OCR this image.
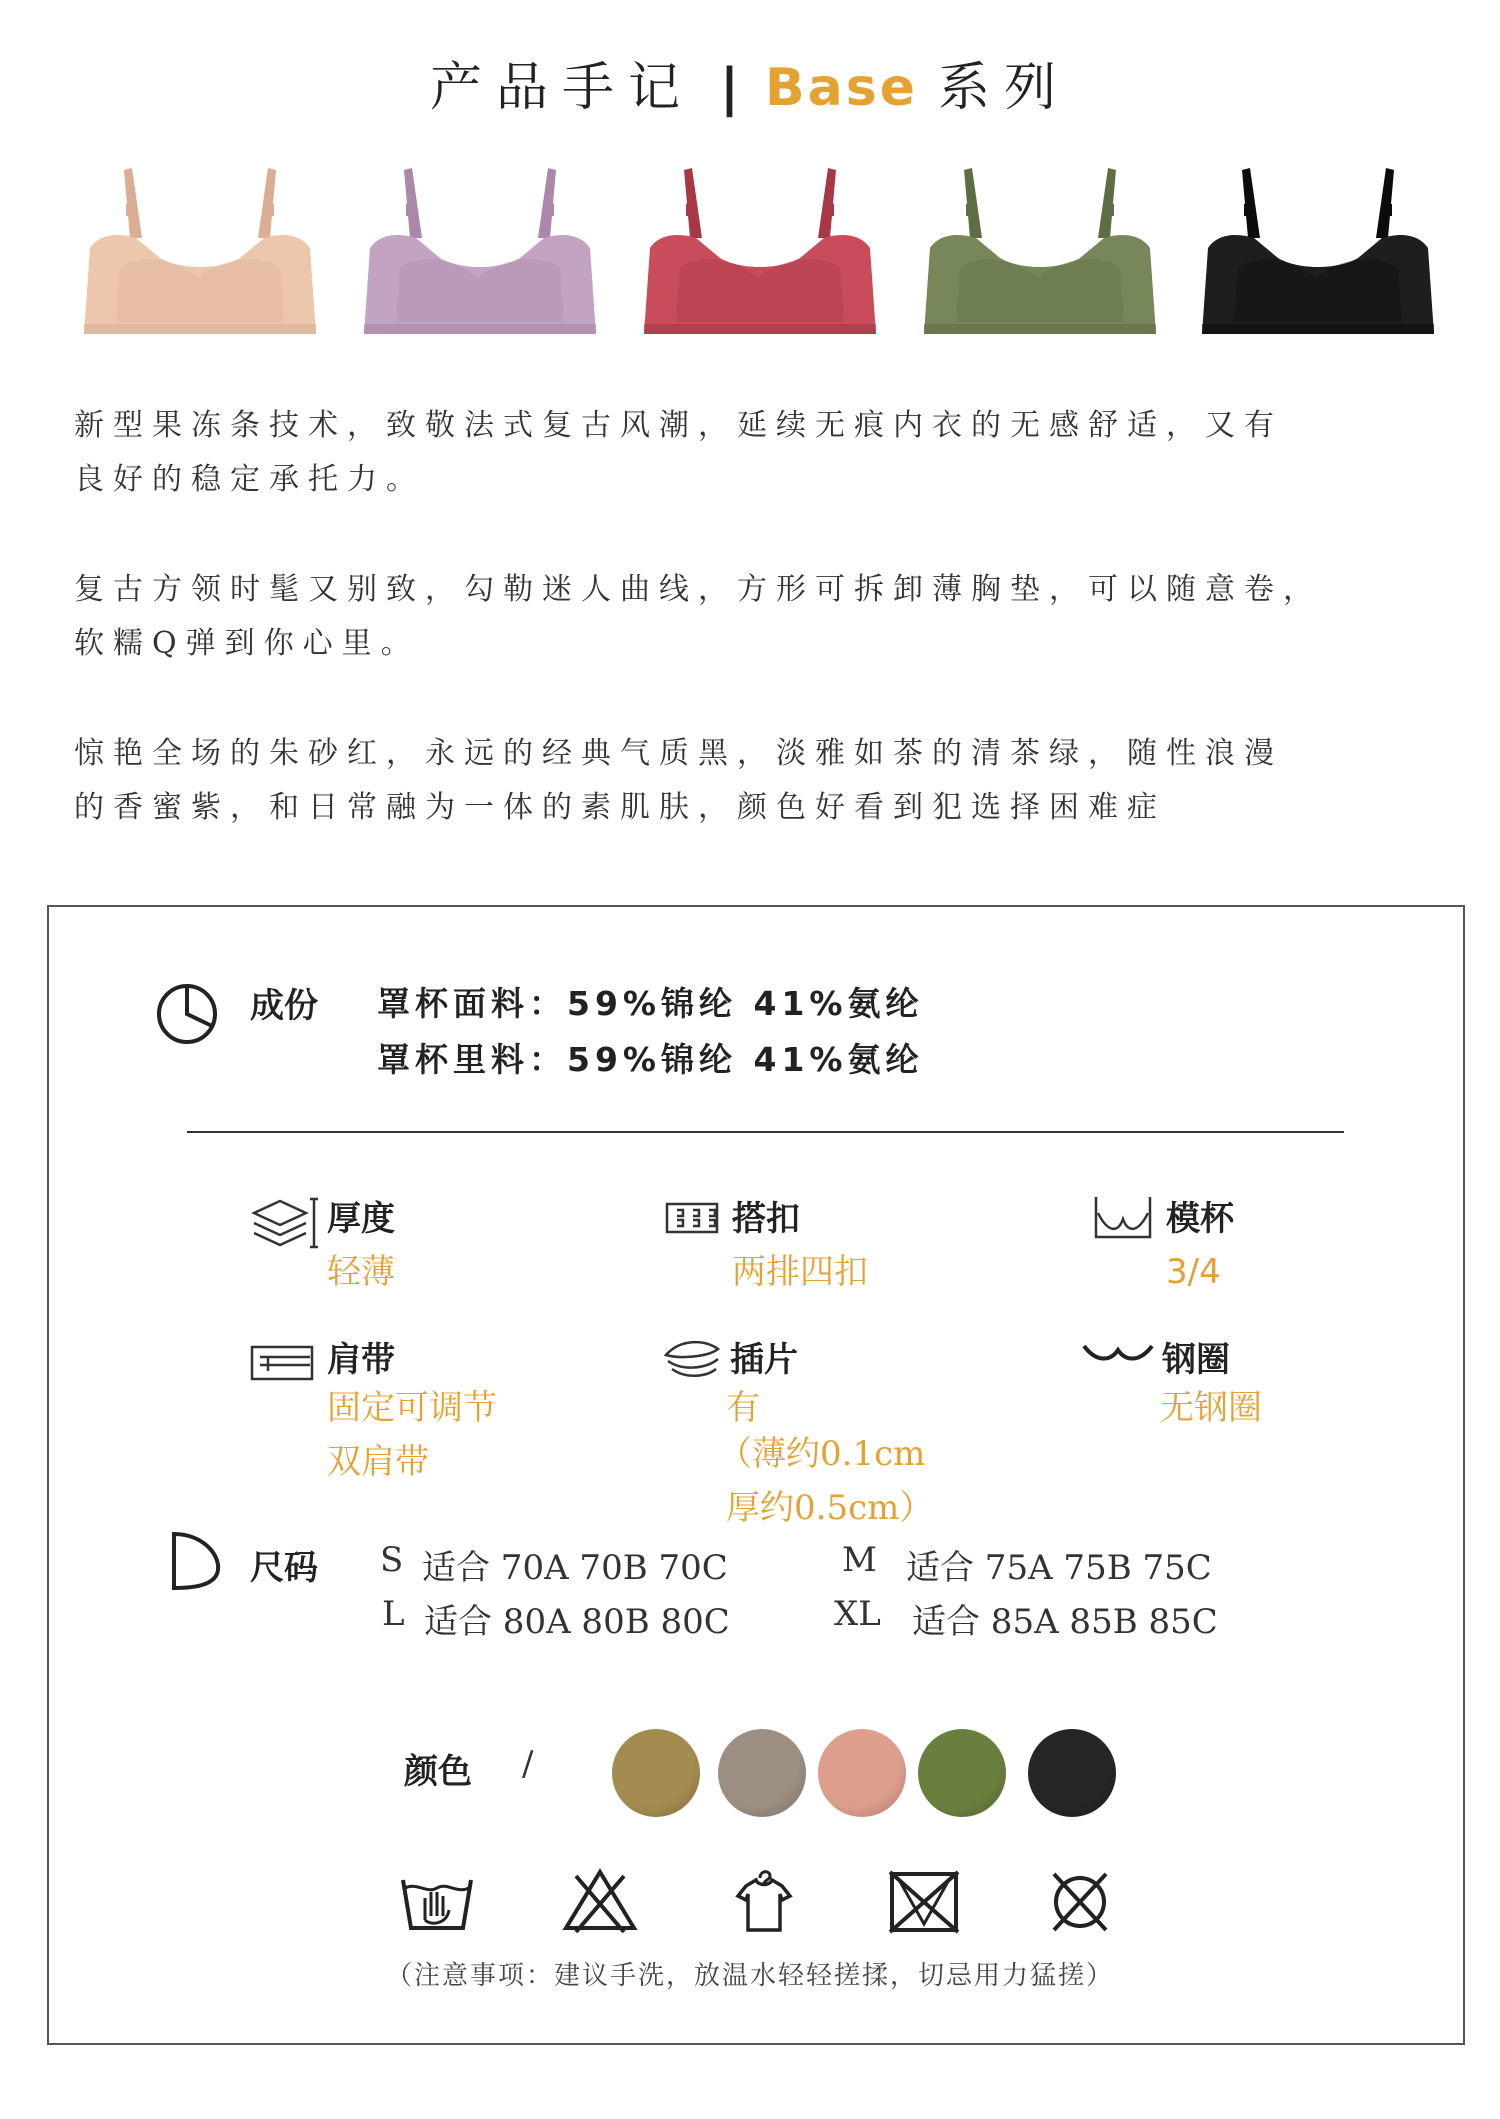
产品手记 | Base 系列
新型果冻条技术，致敬法式复古风潮，延续无痕内衣的无感舒适，又有
良好的稳定承托力。
复古方领时髦又别致，勾勒迷人曲线，方形可拆卸薄胸垫，可以随意卷，
软糯Q弹到你心里。
惊艳全场的朱砂红，永远的经典气质黑，淡雅如茶的清茶绿，随性浪漫
的香蜜紫，和日常融为一体的素肌肤，颜色好看到犯选择困难症
成份 罩杯面料：59%锦纶 41%氨纶
罩杯里料：59%锦纶 41%氨纶
厚度
轻薄
搭扣
两排四扣
模杯
3/4
肩带
固定可调节
双肩带
插片
有
（薄约0.1cm
厚约0.5cm）
钢圈
无钢圈
尺码 S 适合 70A 70B 70C	M 适合 75A 75B 75C
L 适合 80A 80B 80C	XL 适合 85A 85B 85C
颜色 /
（注意事项：建议手洗，放温水轻轻搓揉，切忌用力猛搓）
